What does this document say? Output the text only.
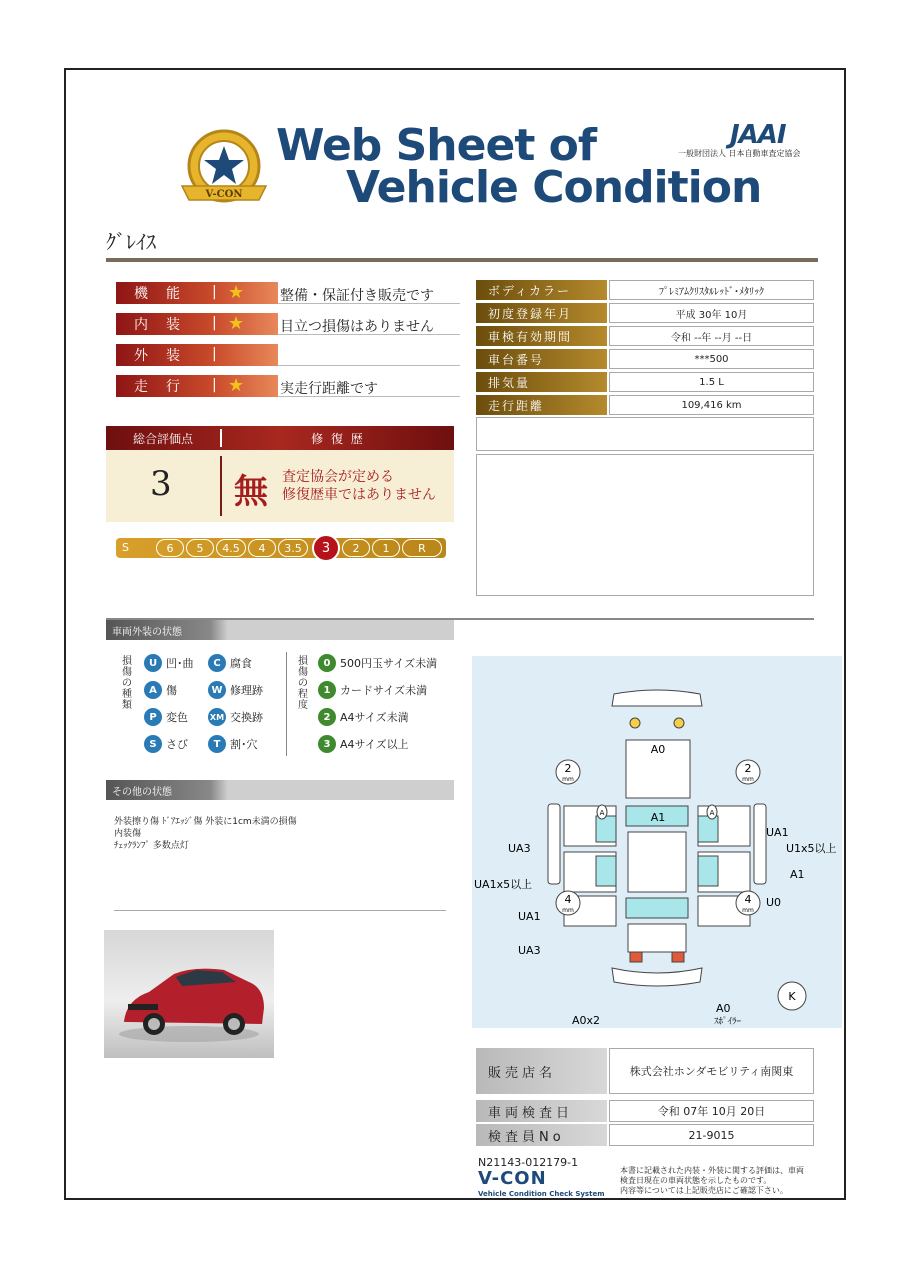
V-CON
Web Sheet of
Vehicle Condition
JAAI
一般財団法人 日本自動車査定協会
ｸﾞﾚｲｽ
機能 | ★	整備・保証付き販売です
内装 | ★	目立つ損傷はありません
外装 |
走行 | ★	実走行距離です
ボディカラー	ﾌﾟﾚﾐｱﾑｸﾘｽﾀﾙﾚｯﾄﾞ･ﾒﾀﾘｯｸ
初度登録年月	平成 30年 10月
車検有効期間	令和 --年 --月 --日
車台番号	***500
排気量	1.5 L
走行距離	109,416 km
総合評価点	修 復 歴
3 無 査定協会が定める
修復歴車ではありません
S	6	5	4.5	4	3.5	3	2	1	R
車両外装の状態
損傷の種類
U 凹･曲	C 腐食
A 傷	W 修理跡
P 変色	XM 交換跡
S さび	T 割･穴
損傷の程度
0 500円玉サイズ未満
1 カードサイズ未満
2 A4サイズ未満
3 A4サイズ以上
その他の状態
外装擦り傷 ﾄﾞｱｴｯｼﾞ傷 外装に1cm未満の損傷
内装傷
ﾁｪｯｸﾗﾝﾌﾟ 多数点灯
2
mm
2
mm
4
mm
4
mm
A	A
A0
UA1
A1
UA3	U1x5以上
A1
UA1x5以上
UA1
U0
UA3
A0
ｽﾎﾟｲﾗｰ
A0x2
K
販売店名	株式会社ホンダモビリティ南関東
車両検査日	令和 07年 10月 20日
検査員No	21-9015
N21143-012179-1
V-CON
Vehicle Condition Check System
本書に記載された内装・外装に関する評価は、車両
検査日現在の車両状態を示したものです。
内容等については上記販売店にご確認下さい。
